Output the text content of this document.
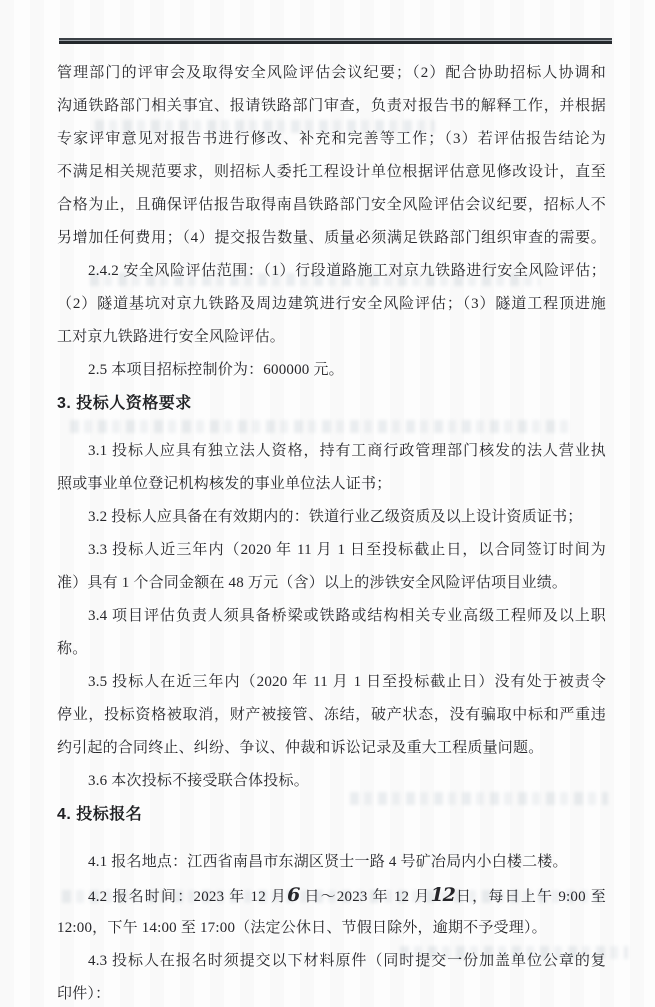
管理部门的评审会及取得安全风险评估会议纪要；（2）配合协助招标人协调和
沟通铁路部门相关事宜、报请铁路部门审查，负责对报告书的解释工作，并根据
专家评审意见对报告书进行修改、补充和完善等工作；（3）若评估报告结论为
不满足相关规范要求，则招标人委托工程设计单位根据评估意见修改设计，直至
合格为止，且确保评估报告取得南昌铁路部门安全风险评估会议纪要，招标人不
另增加任何费用；（4）提交报告数量、质量必须满足铁路部门组织审查的需要。
2.4.2 安全风险评估范围：（1）行段道路施工对京九铁路进行安全风险评估；
（2）隧道基坑对京九铁路及周边建筑进行安全风险评估；（3）隧道工程顶进施
工对京九铁路进行安全风险评估。
2.5 本项目招标控制价为：600000 元。
3. 投标人资格要求
3.1 投标人应具有独立法人资格，持有工商行政管理部门核发的法人营业执
照或事业单位登记机构核发的事业单位法人证书；
3.2 投标人应具备在有效期内的：铁道行业乙级资质及以上设计资质证书；
3.3 投标人近三年内（2020 年 11 月 1 日至投标截止日，以合同签订时间为
准）具有 1 个合同金额在 48 万元（含）以上的涉铁安全风险评估项目业绩。
3.4 项目评估负责人须具备桥梁或铁路或结构相关专业高级工程师及以上职
称。
3.5 投标人在近三年内（2020 年 11 月 1 日至投标截止日）没有处于被责令
停业，投标资格被取消，财产被接管、冻结，破产状态，没有骗取中标和严重违
约引起的合同终止、纠纷、争议、仲裁和诉讼记录及重大工程质量问题。
3.6 本次投标不接受联合体投标。
4. 投标报名
4.1 报名地点：江西省南昌市东湖区贤士一路 4 号矿冶局内小白楼二楼。
4.2 报名时间：2023 年 12 月6 日～2023 年 12 月12日，每日上午 9:00 至
12:00，下午 14:00 至 17:00（法定公休日、节假日除外，逾期不予受理）。
4.3 投标人在报名时须提交以下材料原件（同时提交一份加盖单位公章的复
印件）：
